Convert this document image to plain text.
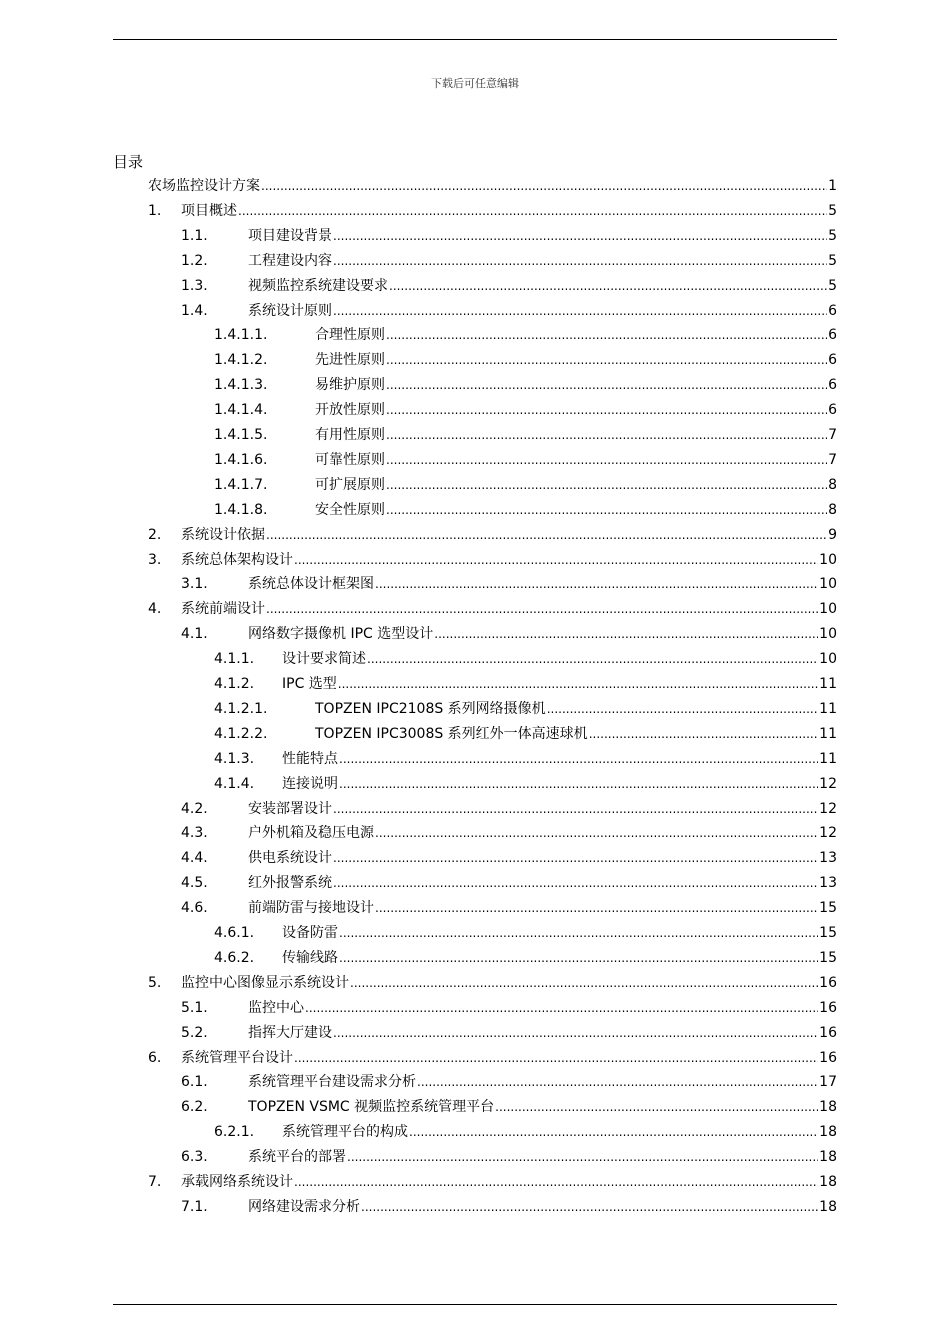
下载后可任意编辑
目录
农场监控设计方案 .....	1
1.	项目概述 .....	5
1.1.	项目建设背景 .....	5
1.2.	工程建设内容 .....	5
1.3.	视频监控系统建设要求 .....	5
1.4.	系统设计原则 .....	6
1.4.1.1.	合理性原则 .....	6
1.4.1.2.	先进性原则 .....	6
1.4.1.3.	易维护原则 .....	6
1.4.1.4.	开放性原则 .....	6
1.4.1.5.	有用性原则 .....	7
1.4.1.6.	可靠性原则 .....	7
1.4.1.7.	可扩展原则 .....	8
1.4.1.8.	安全性原则 .....	8
2.	系统设计依据 .....	9
3.	系统总体架构设计 .....	10
3.1.	系统总体设计框架图 .....	10
4.	系统前端设计 .....	10
4.1.	网络数字摄像机 IPC 选型设计 .....	10
4.1.1.	设计要求简述 .....	10
4.1.2.	IPC 选型 .....	11
4.1.2.1.	TOPZEN IPC2108S 系列网络摄像机 .....	11
4.1.2.2.	TOPZEN IPC3008S 系列红外一体高速球机 .....	11
4.1.3.	性能特点 .....	11
4.1.4.	连接说明 .....	12
4.2.	安装部署设计 .....	12
4.3.	户外机箱及稳压电源 .....	12
4.4.	供电系统设计 .....	13
4.5.	红外报警系统 .....	13
4.6.	前端防雷与接地设计 .....	15
4.6.1.	设备防雷 .....	15
4.6.2.	传输线路 .....	15
5.	监控中心图像显示系统设计 .....	16
5.1.	监控中心 .....	16
5.2.	指挥大厅建设 .....	16
6.	系统管理平台设计 .....	16
6.1.	系统管理平台建设需求分析 .....	17
6.2.	TOPZEN VSMC 视频监控系统管理平台 .....	18
6.2.1.	系统管理平台的构成 .....	18
6.3.	系统平台的部署 .....	18
7.	承载网络系统设计 .....	18
7.1.	网络建设需求分析 .....	18
